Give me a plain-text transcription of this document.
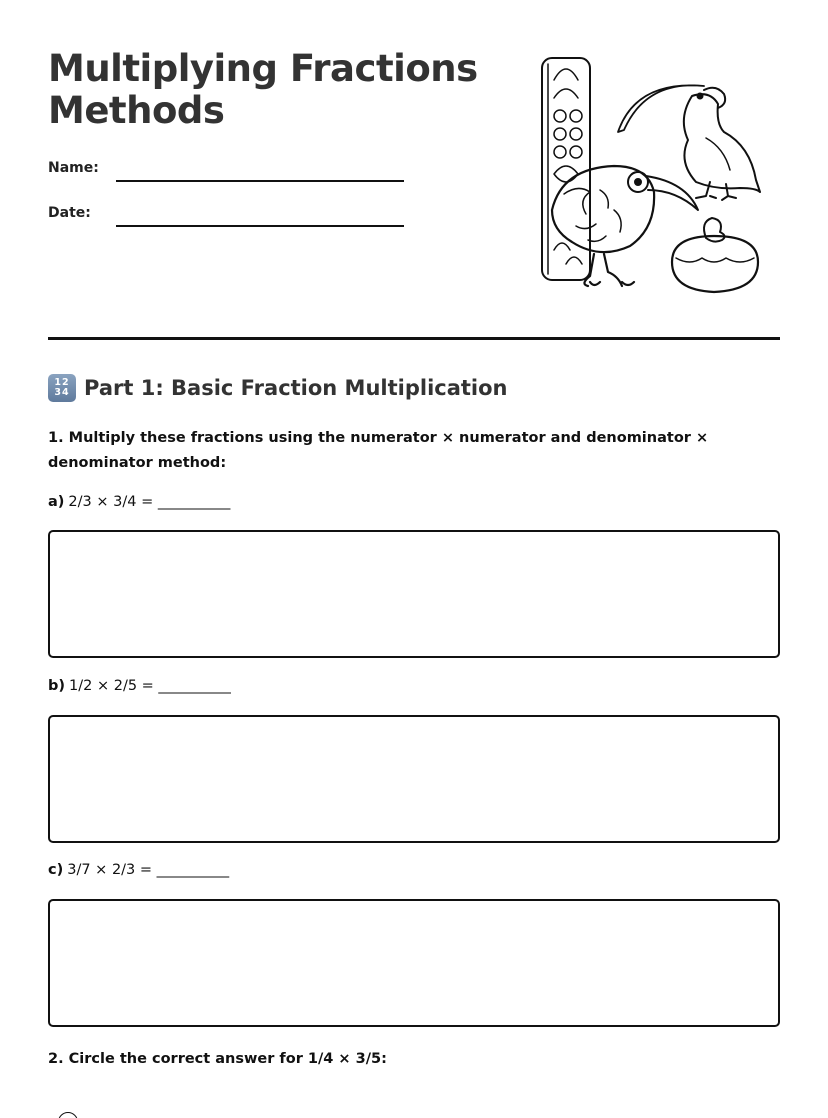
Multiplying Fractions Methods
Name:
Date:
12
34 Part 1: Basic Fraction Multiplication

1. Multiply these fractions using the numerator × numerator and denominator × denominator method:

a) 2/3 × 3/4 = __________
b) 1/2 × 2/5 = __________
c) 3/7 × 2/3 = __________

2. Circle the correct answer for 1/4 × 3/5:
